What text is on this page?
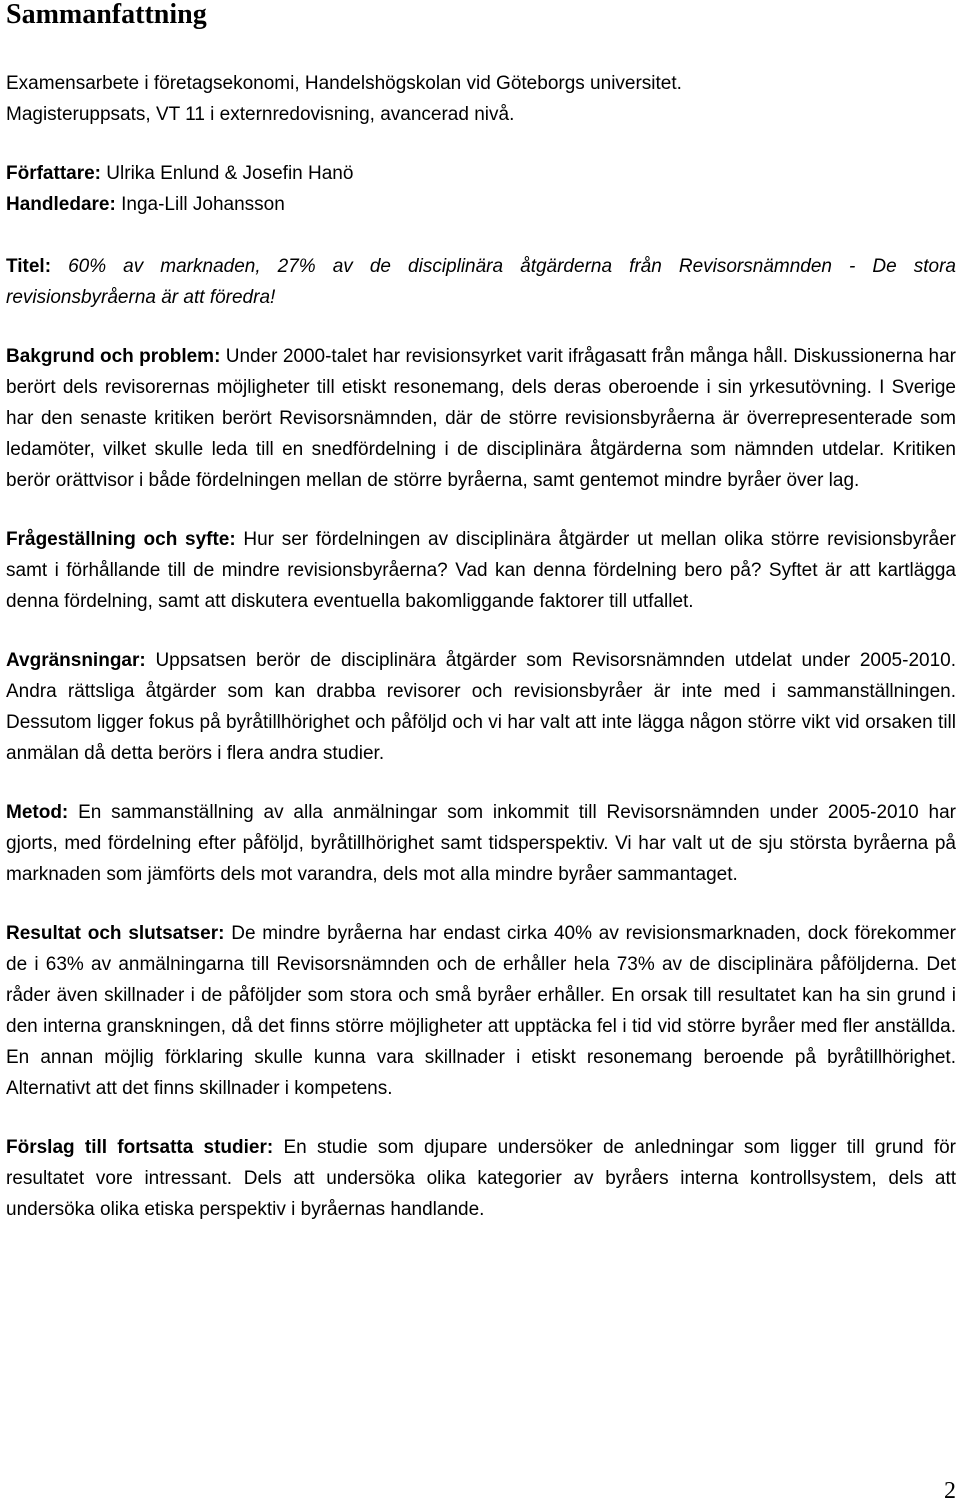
Sammanfattning

Examensarbete i företagsekonomi, Handelshögskolan vid Göteborgs universitet.
Magisteruppsats, VT 11 i externredovisning, avancerad nivå.

Författare: Ulrika Enlund & Josefin Hanö
Handledare: Inga-Lill Johansson

Titel: 60% av marknaden, 27% av de disciplinära åtgärderna från Revisorsnämnden - De stora revisionsbyråerna är att föredra!

Bakgrund och problem: Under 2000-talet har revisionsyrket varit ifrågasatt från många håll. Diskussionerna har berört dels revisorernas möjligheter till etiskt resonemang, dels deras oberoende i sin yrkesutövning. I Sverige har den senaste kritiken berört Revisorsnämnden, där de större revisionsbyråerna är överrepresenterade som ledamöter, vilket skulle leda till en snedfördelning i de disciplinära åtgärderna som nämnden utdelar. Kritiken berör orättvisor i både fördelningen mellan de större byråerna, samt gentemot mindre byråer över lag.

Frågeställning och syfte: Hur ser fördelningen av disciplinära åtgärder ut mellan olika större revisionsbyråer samt i förhållande till de mindre revisionsbyråerna? Vad kan denna fördelning bero på? Syftet är att kartlägga denna fördelning, samt att diskutera eventuella bakomliggande faktorer till utfallet.

Avgränsningar: Uppsatsen berör de disciplinära åtgärder som Revisorsnämnden utdelat under 2005-2010. Andra rättsliga åtgärder som kan drabba revisorer och revisionsbyråer är inte med i sammanställningen. Dessutom ligger fokus på byråtillhörighet och påföljd och vi har valt att inte lägga någon större vikt vid orsaken till anmälan då detta berörs i flera andra studier.

Metod: En sammanställning av alla anmälningar som inkommit till Revisorsnämnden under 2005-2010 har gjorts, med fördelning efter påföljd, byråtillhörighet samt tidsperspektiv. Vi har valt ut de sju största byråerna på marknaden som jämförts dels mot varandra, dels mot alla mindre byråer sammantaget.

Resultat och slutsatser: De mindre byråerna har endast cirka 40% av revisionsmarknaden, dock förekommer de i 63% av anmälningarna till Revisorsnämnden och de erhåller hela 73% av de disciplinära påföljderna. Det råder även skillnader i de påföljder som stora och små byråer erhåller. En orsak till resultatet kan ha sin grund i den interna granskningen, då det finns större möjligheter att upptäcka fel i tid vid större byråer med fler anställda. En annan möjlig förklaring skulle kunna vara skillnader i etiskt resonemang beroende på byråtillhörighet. Alternativt att det finns skillnader i kompetens.

Förslag till fortsatta studier: En studie som djupare undersöker de anledningar som ligger till grund för resultatet vore intressant. Dels att undersöka olika kategorier av byråers interna kontrollsystem, dels att undersöka olika etiska perspektiv i byråernas handlande.

2
